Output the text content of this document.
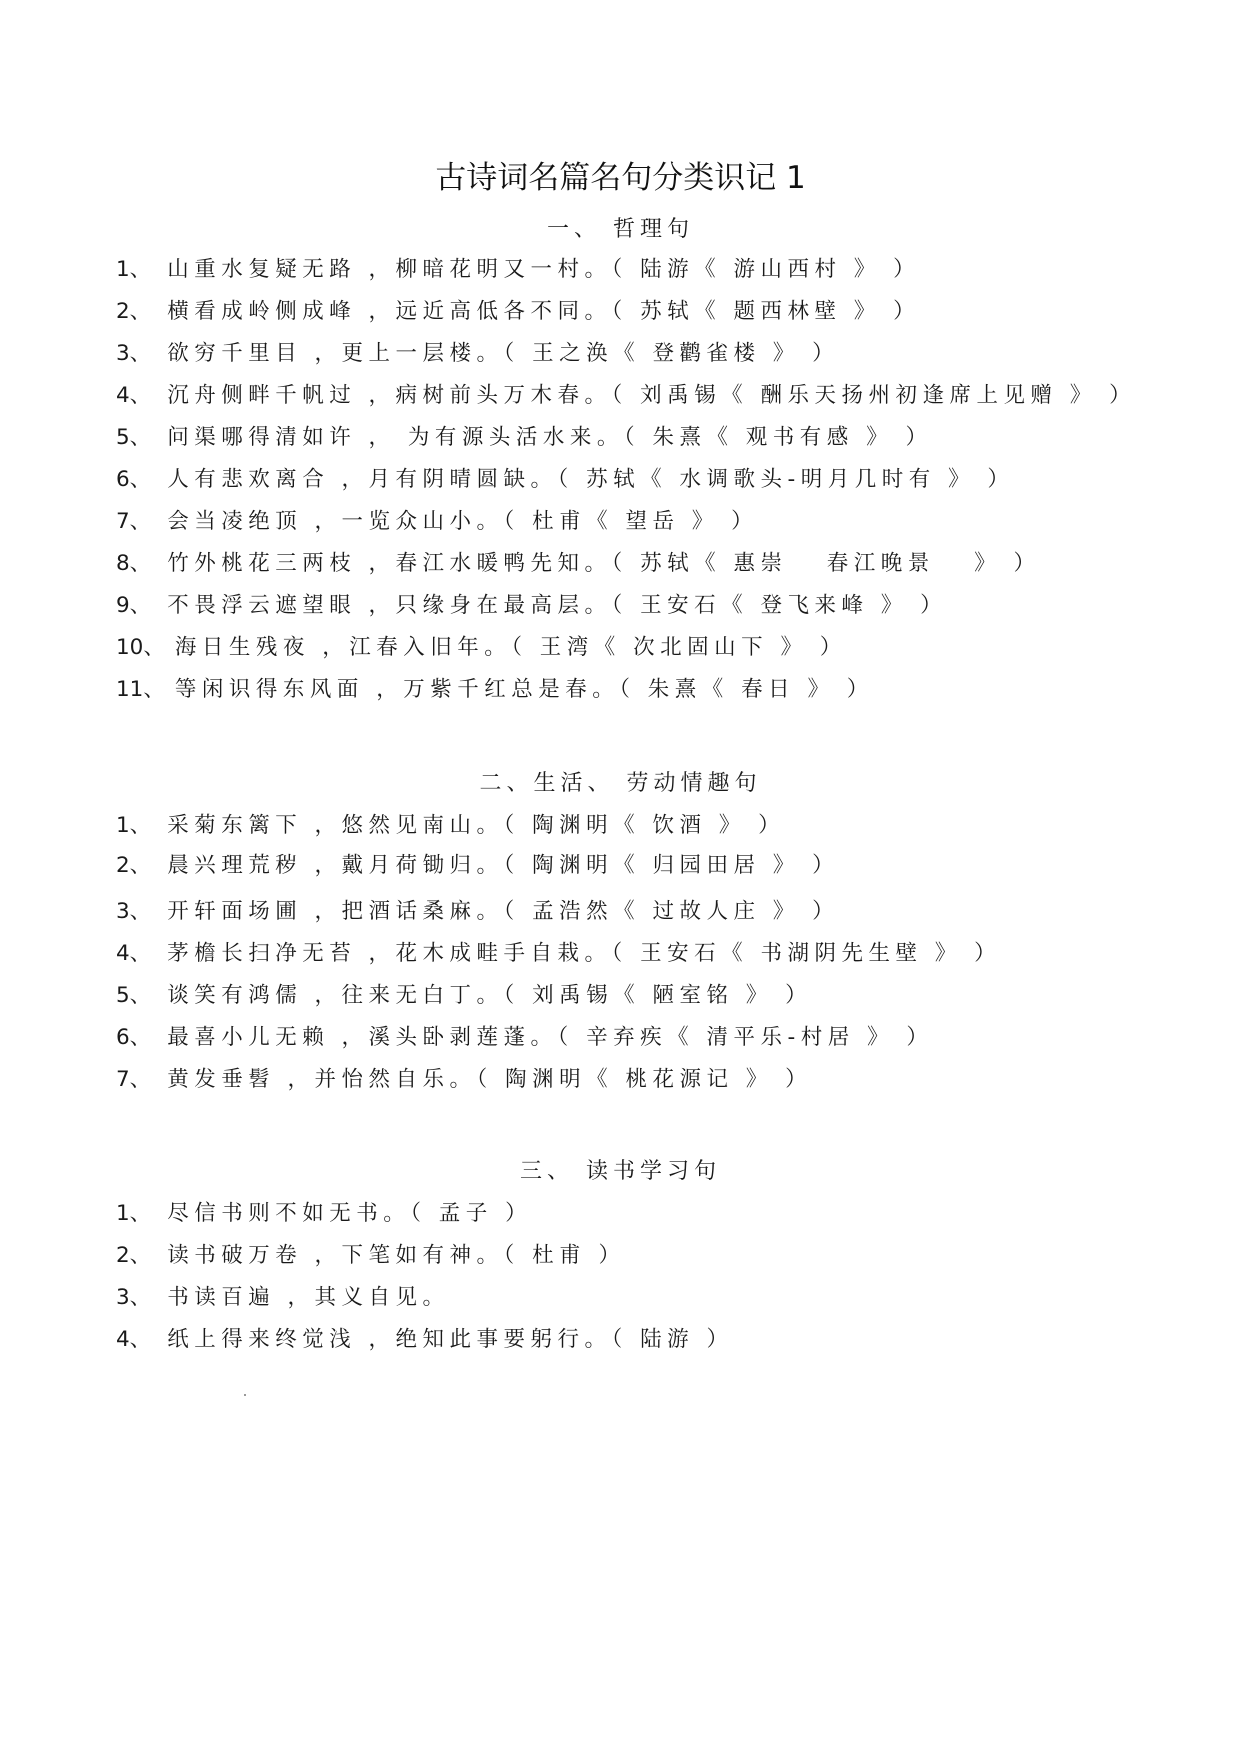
古诗词名篇名句分类识记 1
一、 哲理句
1、 山重水复疑无路 ，柳暗花明又一村。（ 陆游《 游山西村 》 ）
2、 横看成岭侧成峰 ，远近高低各不同。（ 苏轼《 题西林壁 》 ）
3、 欲穷千里目 ，更上一层楼。（ 王之涣《 登鹳雀楼 》 ）
4、 沉舟侧畔千帆过 ，病树前头万木春。（ 刘禹锡《 酬乐天扬州初逢席上见赠 》 ）
5、 问渠哪得清如许 ， 为有源头活水来。（ 朱熹《 观书有感 》 ）
6、 人有悲欢离合 ，月有阴晴圆缺。（ 苏轼《 水调歌头-明月几时有 》 ）
7、 会当凌绝顶 ，一览众山小。（ 杜甫《 望岳 》 ）
8、 竹外桃花三两枝 ，春江水暖鸭先知。（ 苏轼《 惠崇　 春江晚景　 》 ）
9、 不畏浮云遮望眼 ，只缘身在最高层。（ 王安石《 登飞来峰 》 ）
10、 海日生残夜 ，江春入旧年。（ 王湾《 次北固山下 》 ）
11、 等闲识得东风面 ，万紫千红总是春。（ 朱熹《 春日 》 ）
二、生活、 劳动情趣句
1、 采菊东篱下 ，悠然见南山。（ 陶渊明《 饮酒 》 ）
2、 晨兴理荒秽 ，戴月荷锄归。（ 陶渊明《 归园田居 》 ）
3、 开轩面场圃 ，把酒话桑麻。（ 孟浩然《 过故人庄 》 ）
4、 茅檐长扫净无苔 ，花木成畦手自栽。（ 王安石《 书湖阴先生壁 》 ）
5、 谈笑有鸿儒 ，往来无白丁。（ 刘禹锡《 陋室铭 》 ）
6、 最喜小儿无赖 ，溪头卧剥莲蓬。（ 辛弃疾《 清平乐-村居 》 ）
7、 黄发垂髫 ，并怡然自乐。（ 陶渊明《 桃花源记 》 ）
三、 读书学习句
1、 尽信书则不如无书。（ 孟子 ）
2、 读书破万卷 ，下笔如有神。（ 杜甫 ）
3、 书读百遍 ，其义自见。
4、 纸上得来终觉浅 ，绝知此事要躬行。（ 陆游 ）
